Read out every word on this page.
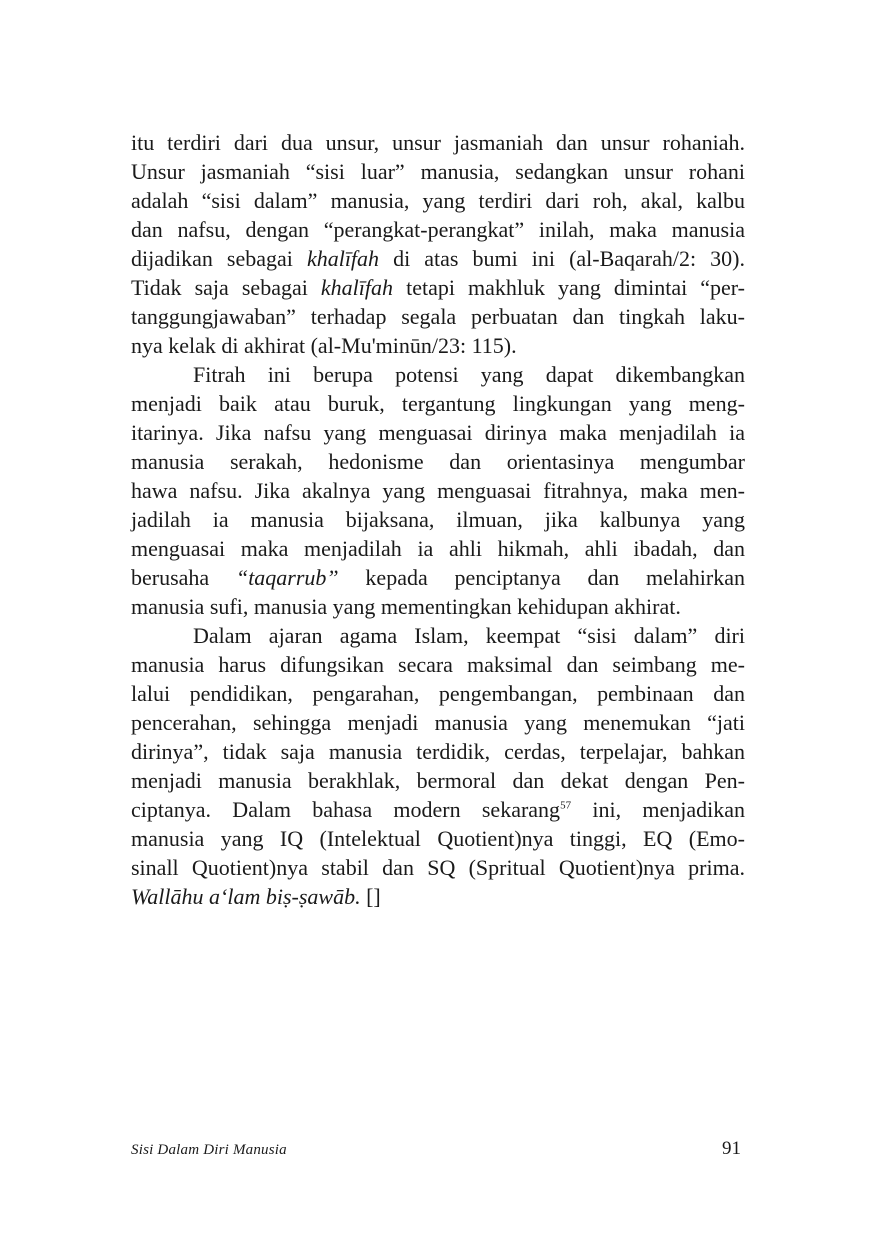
itu terdiri dari dua unsur, unsur jasmaniah dan unsur rohaniah.
Unsur jasmaniah “sisi luar” manusia, sedangkan unsur rohani
adalah “sisi dalam” manusia, yang terdiri dari roh, akal, kalbu
dan nafsu, dengan “perangkat-perangkat” inilah, maka manusia
dijadikan sebagai khalīfah di atas bumi ini (al-Baqarah/2: 30).
Tidak saja sebagai khalīfah tetapi makhluk yang dimintai “per-
tanggungjawaban” terhadap segala perbuatan dan tingkah laku-
nya kelak di akhirat (al-Mu'minūn/23: 115).
Fitrah ini berupa potensi yang dapat dikembangkan
menjadi baik atau buruk, tergantung lingkungan yang meng-
itarinya. Jika nafsu yang menguasai dirinya maka menjadilah ia
manusia serakah, hedonisme dan orientasinya mengumbar
hawa nafsu. Jika akalnya yang menguasai fitrahnya, maka men-
jadilah ia manusia bijaksana, ilmuan, jika kalbunya yang
menguasai maka menjadilah ia ahli hikmah, ahli ibadah, dan
berusaha “taqarrub” kepada penciptanya dan melahirkan
manusia sufi, manusia yang mementingkan kehidupan akhirat.
Dalam ajaran agama Islam, keempat “sisi dalam” diri
manusia harus difungsikan secara maksimal dan seimbang me-
lalui pendidikan, pengarahan, pengembangan, pembinaan dan
pencerahan, sehingga menjadi manusia yang menemukan “jati
dirinya”, tidak saja manusia terdidik, cerdas, terpelajar, bahkan
menjadi manusia berakhlak, bermoral dan dekat dengan Pen-
ciptanya. Dalam bahasa modern sekarang$^{57}$ ini, menjadikan
manusia yang IQ (Intelektual Quotient)nya tinggi, EQ (Emo-
sinall Quotient)nya stabil dan SQ (Spritual Quotient)nya prima.
Wallāhu a‘lam biṣ-ṣawāb. []
Sisi Dalam Diri Manusia	91
